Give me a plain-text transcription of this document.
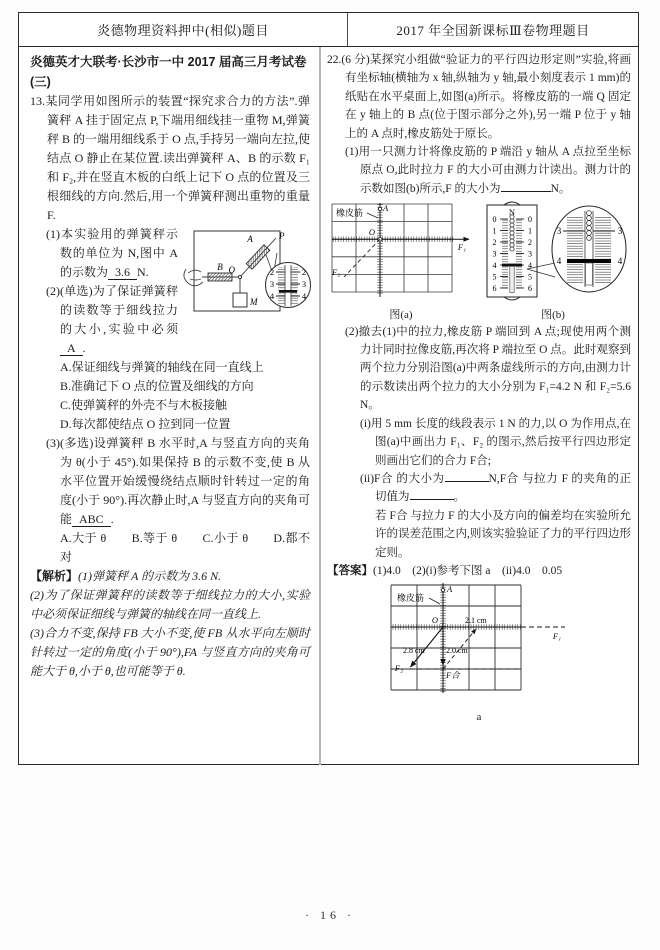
炎德物理资料押中(相似)题目	2017 年全国新课标Ⅲ卷物理题目
炎德英才大联考·长沙市一中 2017 届高三月考试卷(三)
13.某同学用如图所示的装置“探究求合力的方法”.弹簧秤 A 挂于固定点 P,下端用细线挂一重物 M,弹簧秤 B 的一端用细线系于 O 点,手持另一端向左拉,使结点 O 静止在某位置.读出弹簧秤 A、B 的示数 F₁ 和 F₂,并在竖直木板的白纸上记下 O 点的位置及三根细线的方向.然后,用一个弹簧秤测出重物的重量 F.
B
A	P
O
M
2	2
3	3
4	4
(1)本实验用的弹簧秤示数的单位为 N,图中 A 的示数为 3.6 N.
(2)(单选)为了保证弹簧秤的读数等于细线拉力的大小,实验中必须A .
A.保证细线与弹簧的轴线在同一直线上
B.准确记下 O 点的位置及细线的方向
C.使弹簧秤的外壳不与木板接触
D.每次都使结点 O 拉到同一位置
(3)(多选)设弹簧秤 B 水平时,A 与竖直方向的夹角为 θ(小于 45°).如果保持 B 的示数不变,使 B 从水平位置开始缓慢绕结点顺时针转过一定的角度(小于 90°).再次静止时,A 与竖直方向的夹角可能 ABC .
A.大于 θ　　B.等于 θ　　C.小于 θ　　D.都不对
【解析】(1)弹簧秤 A 的示数为 3.6 N.
(2)为了保证弹簧秤的读数等于细线拉力的大小,实验中必须保证细线与弹簧的轴线在同一直线上.
(3)合力不变,保持 FB 大小不变,使 FB 从水平向左顺时针转过一定的角度(小于 90°),FA 与竖直方向的夹角可能大于 θ,小于 θ,也可能等于 θ.
22.(6 分)某探究小组做“验证力的平行四边形定则”实验,将画有坐标轴(横轴为 x 轴,纵轴为 y 轴,最小刻度表示 1 mm)的纸贴在水平桌面上,如图(a)所示。将橡皮筋的一端 Q 固定在 y 轴上的 B 点(位于图示部分之外),另一端 P 位于 y 轴上的 A 点时,橡皮筋处于原长。
(1)用一只测力计将像皮筋的 P 端沿 y 轴从 A 点拉至坐标原点 O,此时拉力 F 的大小可由测力计读出。测力计的示数如图(b)所示,F 的大小为	N。
A
橡皮筋
O
F₂
F₁
图(a)
N
0	0
1	1
2	2
3	3
4	4
5	5
6	6
3	3
4	4
图(b)
(2)撤去(1)中的拉力,橡皮筋 P 端回到 A 点;现使用两个测力计同时拉像皮筋,再次将 P 端拉至 O 点。此时观察到两个拉力分别沿图(a)中两条虚线所示的方向,由测力计的示数读出两个拉力的大小分别为 F₁=4.2 N 和 F₂=5.6 N。
(i)用 5 mm 长度的线段表示 1 N 的力,以 O 为作用点,在图(a)中画出力 F₁、F₂ 的图示,然后按平行四边形定则画出它们的合力 F合;
(ii)F合 的大小为	N,F合 与拉力 F 的夹角的正切值为	。
若 F合 与拉力 F 的大小及方向的偏差均在实验所允许的误差范围之内,则该实验验证了力的平行四边形定则。
【答案】(1)4.0　(2)(i)参考下图 a　(ii)4.0　0.05
A
橡皮筋
O	2.1 cm
F₂
2.8 cm	2.0 cm
F合
F₁
a
· 16 ·
